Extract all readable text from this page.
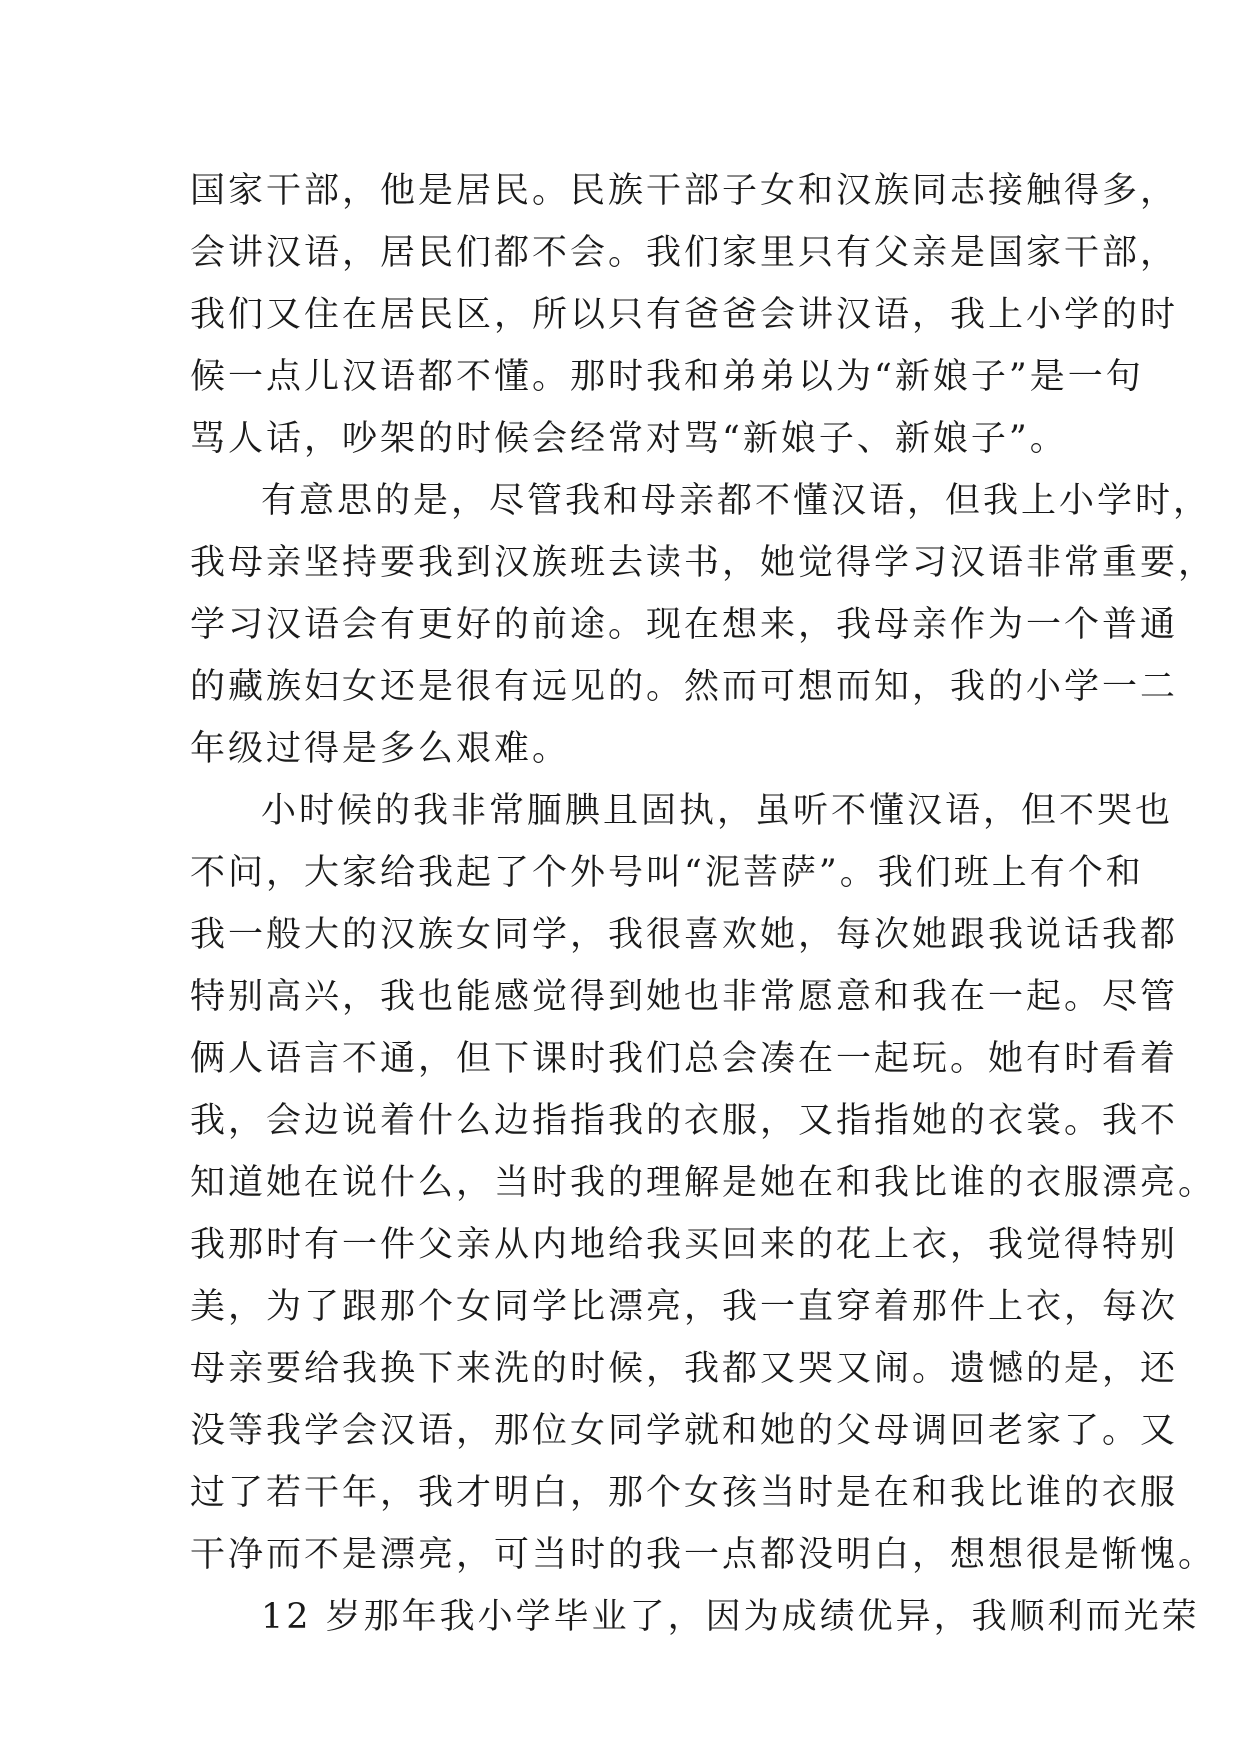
国家干部，他是居民。民族干部子女和汉族同志接触得多，
会讲汉语，居民们都不会。我们家里只有父亲是国家干部，
我们又住在居民区，所以只有爸爸会讲汉语，我上小学的时
候一点儿汉语都不懂。那时我和弟弟以为“新娘子”是一句
骂人话，吵架的时候会经常对骂“新娘子、新娘子”。
有意思的是，尽管我和母亲都不懂汉语，但我上小学时，
我母亲坚持要我到汉族班去读书，她觉得学习汉语非常重要，
学习汉语会有更好的前途。现在想来，我母亲作为一个普通
的藏族妇女还是很有远见的。然而可想而知，我的小学一二
年级过得是多么艰难。
小时候的我非常腼腆且固执，虽听不懂汉语，但不哭也
不问，大家给我起了个外号叫“泥菩萨”。我们班上有个和
我一般大的汉族女同学，我很喜欢她，每次她跟我说话我都
特别高兴，我也能感觉得到她也非常愿意和我在一起。尽管
俩人语言不通，但下课时我们总会凑在一起玩。她有时看着
我，会边说着什么边指指我的衣服，又指指她的衣裳。我不
知道她在说什么，当时我的理解是她在和我比谁的衣服漂亮。
我那时有一件父亲从内地给我买回来的花上衣，我觉得特别
美，为了跟那个女同学比漂亮，我一直穿着那件上衣，每次
母亲要给我换下来洗的时候，我都又哭又闹。遗憾的是，还
没等我学会汉语，那位女同学就和她的父母调回老家了。又
过了若干年，我才明白，那个女孩当时是在和我比谁的衣服
干净而不是漂亮，可当时的我一点都没明白，想想很是惭愧。
12 岁那年我小学毕业了，因为成绩优异，我顺利而光荣
